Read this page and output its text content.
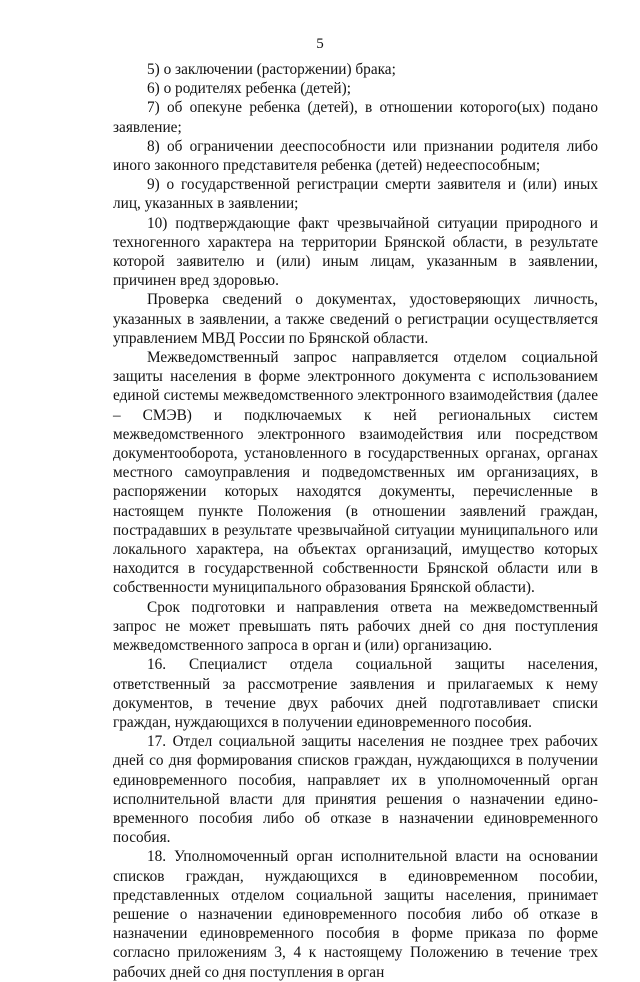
5

5) о заключении (расторжении) брака;

6) о родителях ребенка (детей);

7) об опекуне ребенка (детей), в отношении которого(ых) подано заявление;

8) об ограничении дееспособности или признании родителя либо иного законного представителя ребенка (детей) недееспособным;

9) о государственной регистрации смерти заявителя и (или) иных лиц, указанных в заявлении;

10) подтверждающие факт чрезвычайной ситуации природного и техногенного характера на территории Брянской области, в результате которой заявителю и (или) иным лицам, указанным в заявлении, причинен вред здоровью.

Проверка сведений о документах, удостоверяющих личность, указанных в заявлении, а также сведений о регистрации осуществляется управлением МВД России по Брянской области.

Межведомственный запрос направляется отделом социальной защиты населения в форме электронного документа с использованием единой системы межведомственного электронного взаимодействия (далее – СМЭВ) и подключаемых к ней региональных систем межведомственного электронного взаимодействия или посредством документооборота, установленного в государственных органах, органах местного самоуправления и подведомственных им организациях, в распоряжении которых находятся документы, перечисленные в настоящем пункте Положения (в отношении заявлений граждан, пострадавших в результате чрезвычайной ситуации муниципального или локального характера, на объектах организаций, имущество которых находится в государственной собственности Брянской области или в собственности муниципального образования Брянской области).

Срок подготовки и направления ответа на межведомственный запрос не может превышать пять рабочих дней со дня поступления межведомственного запроса в орган и (или) организацию.

16. Специалист отдела социальной защиты населения, ответственный за рассмотрение заявления и прилагаемых к нему документов, в течение двух рабочих дней подготавливает списки граждан, нуждающихся в получении единовременного пособия.

17. Отдел социальной защиты населения не позднее трех рабочих дней со дня формирования списков граждан, нуждающихся в получении единовременного пособия, направляет их в уполномоченный орган исполнительной власти для принятия решения о назначении единовременного пособия либо об отказе в назначении единовременного пособия.

18. Уполномоченный орган исполнительной власти на основании списков граждан, нуждающихся в единовременном пособии, представленных отделом социальной защиты населения, принимает решение о назначении единовременного пособия либо об отказе в назначении единовременного пособия в форме приказа по форме согласно приложениям 3, 4 к настоящему Положению в течение трех рабочих дней со дня поступления в орган
